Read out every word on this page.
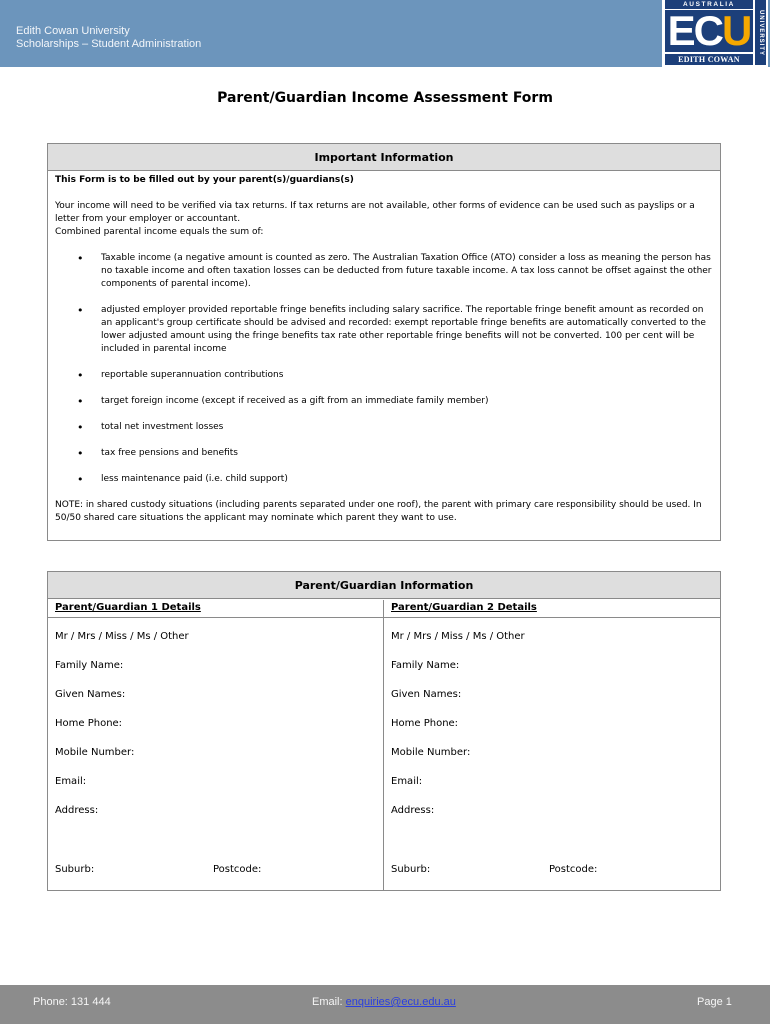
Edith Cowan University
Scholarships – Student Administration
AUSTRALIA
ECU
EDITH COWAN
UNIVERSITY
Parent/Guardian Income Assessment Form
Important Information
This Form is to be filled out by your parent(s)/guardians(s)
Your income will need to be verified via tax returns. If tax returns are not available, other forms of evidence can be used such as payslips or a letter from your employer or accountant.
Combined parental income equals the sum of:
• Taxable income (a negative amount is counted as zero. The Australian Taxation Office (ATO) consider a loss as meaning the person has no taxable income and often taxation losses can be deducted from future taxable income. A tax loss cannot be offset against the other components of parental income).
• adjusted employer provided reportable fringe benefits including salary sacrifice. The reportable fringe benefit amount as recorded on an applicant's group certificate should be advised and recorded: exempt reportable fringe benefits are automatically converted to the lower adjusted amount using the fringe benefits tax rate other reportable fringe benefits will not be converted. 100 per cent will be included in parental income
• reportable superannuation contributions
• target foreign income (except if received as a gift from an immediate family member)
• total net investment losses
• tax free pensions and benefits
• less maintenance paid (i.e. child support)
NOTE: in shared custody situations (including parents separated under one roof), the parent with primary care responsibility should be used. In 50/50 shared care situations the applicant may nominate which parent they want to use.
Parent/Guardian Information
Parent/Guardian 1 Details
Mr / Mrs / Miss / Ms / Other
Family Name:
Given Names:
Home Phone:
Mobile Number:
Email:
Address:
Suburb:	Postcode:
Parent/Guardian 2 Details
Mr / Mrs / Miss / Ms / Other
Family Name:
Given Names:
Home Phone:
Mobile Number:
Email:
Address:
Suburb:	Postcode:
Phone: 131 444	Email: enquiries@ecu.edu.au	Page 1
